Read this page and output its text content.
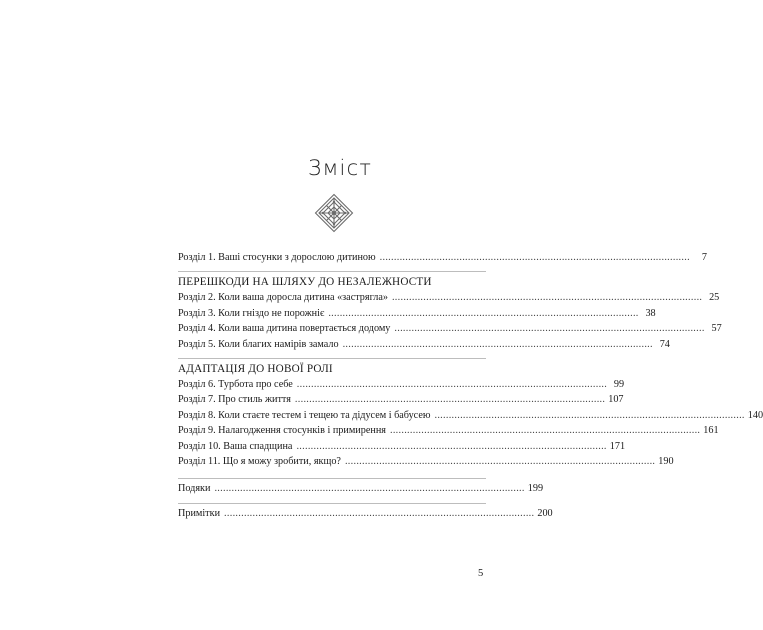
Зміст
Розділ 1. Ваші стосунки з дорослою дитиною .............................................................................................................	7
ПЕРЕШКОДИ НА ШЛЯХУ ДО НЕЗАЛЕЖНОСТИ
Розділ 2. Коли ваша доросла дитина «застрягла» ............................................................................................................. 25
Розділ 3. Коли гніздо не порожніє ............................................................................................................. 38
Розділ 4. Коли ваша дитина повертається додому ............................................................................................................. 57
Розділ 5. Коли благих намірів замало ............................................................................................................. 74
АДАПТАЦІЯ ДО НОВОЇ РОЛІ
Розділ 6. Турбота про себе ............................................................................................................. 99
Розділ 7. Про стиль життя ............................................................................................................. 107
Розділ 8. Коли стаєте тестем і тещею та дідусем і бабусею ............................................................................................................. 140
Розділ 9. Налагодження стосунків і примирення ............................................................................................................. 161
Розділ 10. Ваша спадщина ............................................................................................................. 171
Розділ 11. Що я можу зробити, якщо? ............................................................................................................. 190
Подяки ............................................................................................................. 199
Примітки ............................................................................................................. 200
5
